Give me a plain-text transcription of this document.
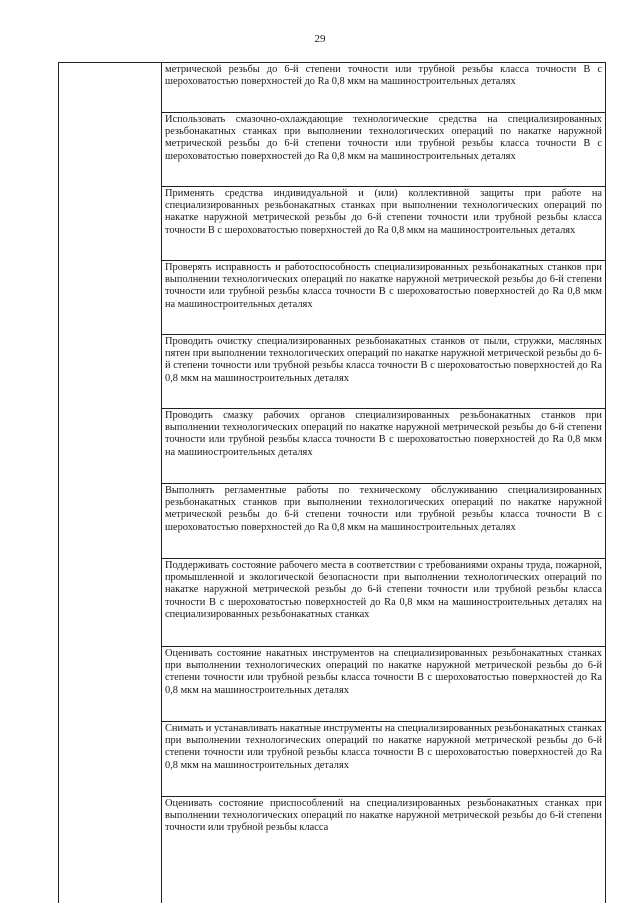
29
метрической резьбы до 6-й степени точности или трубной резьбы класса точности В с шероховатостью поверхностей до Ra 0,8 мкм на машиностроительных деталях
Использовать смазочно-охлаждающие технологические средства на специализированных резьбонакатных станках при выполнении технологических операций по накатке наружной метрической резьбы до 6-й степени точности или трубной резьбы класса точности В с шероховатостью поверхностей до Ra 0,8 мкм на машиностроительных деталях
Применять средства индивидуальной и (или) коллективной защиты при работе на специализированных резьбонакатных станках при выполнении технологических операций по накатке наружной метрической резьбы до 6-й степени точности или трубной резьбы класса точности В с шероховатостью поверхностей до Ra 0,8 мкм на машиностроительных деталях
Проверять исправность и работоспособность специализированных резьбонакатных станков при выполнении технологических операций по накатке наружной метрической резьбы до 6-й степени точности или трубной резьбы класса точности В с шероховатостью поверхностей до Ra 0,8 мкм на машиностроительных деталях
Проводить очистку специализированных резьбонакатных станков от пыли, стружки, масляных пятен при выполнении технологических операций по накатке наружной метрической резьбы до 6-й степени точности или трубной резьбы класса точности В с шероховатостью поверхностей до Ra 0,8 мкм на машиностроительных деталях
Проводить смазку рабочих органов специализированных резьбонакатных станков при выполнении технологических операций по накатке наружной метрической резьбы до 6-й степени точности или трубной резьбы класса точности В с шероховатостью поверхностей до Ra 0,8 мкм на машиностроительных деталях
Выполнять регламентные работы по техническому обслуживанию специализированных резьбонакатных станков при выполнении технологических операций по накатке наружной метрической резьбы до 6-й степени точности или трубной резьбы класса точности В с шероховатостью поверхностей до Ra 0,8 мкм на машиностроительных деталях
Поддерживать состояние рабочего места в соответствии с требованиями охраны труда, пожарной, промышленной и экологической безопасности при выполнении технологических операций по накатке наружной метрической резьбы до 6-й степени точности или трубной резьбы класса точности В с шероховатостью поверхностей до Ra 0,8 мкм на машиностроительных деталях на специализированных резьбонакатных станках
Оценивать состояние накатных инструментов на специализированных резьбонакатных станках при выполнении технологических операций по накатке наружной метрической резьбы до 6-й степени точности или трубной резьбы класса точности В с шероховатостью поверхностей до Ra 0,8 мкм на машиностроительных деталях
Снимать и устанавливать накатные инструменты на специализированных резьбонакатных станках при выполнении технологических операций по накатке наружной метрической резьбы до 6-й степени точности или трубной резьбы класса точности В с шероховатостью поверхностей до Ra 0,8 мкм на машиностроительных деталях
Оценивать состояние приспособлений на специализированных резьбонакатных станках при выполнении технологических операций по накатке наружной метрической резьбы до 6-й степени точности или трубной резьбы класса
